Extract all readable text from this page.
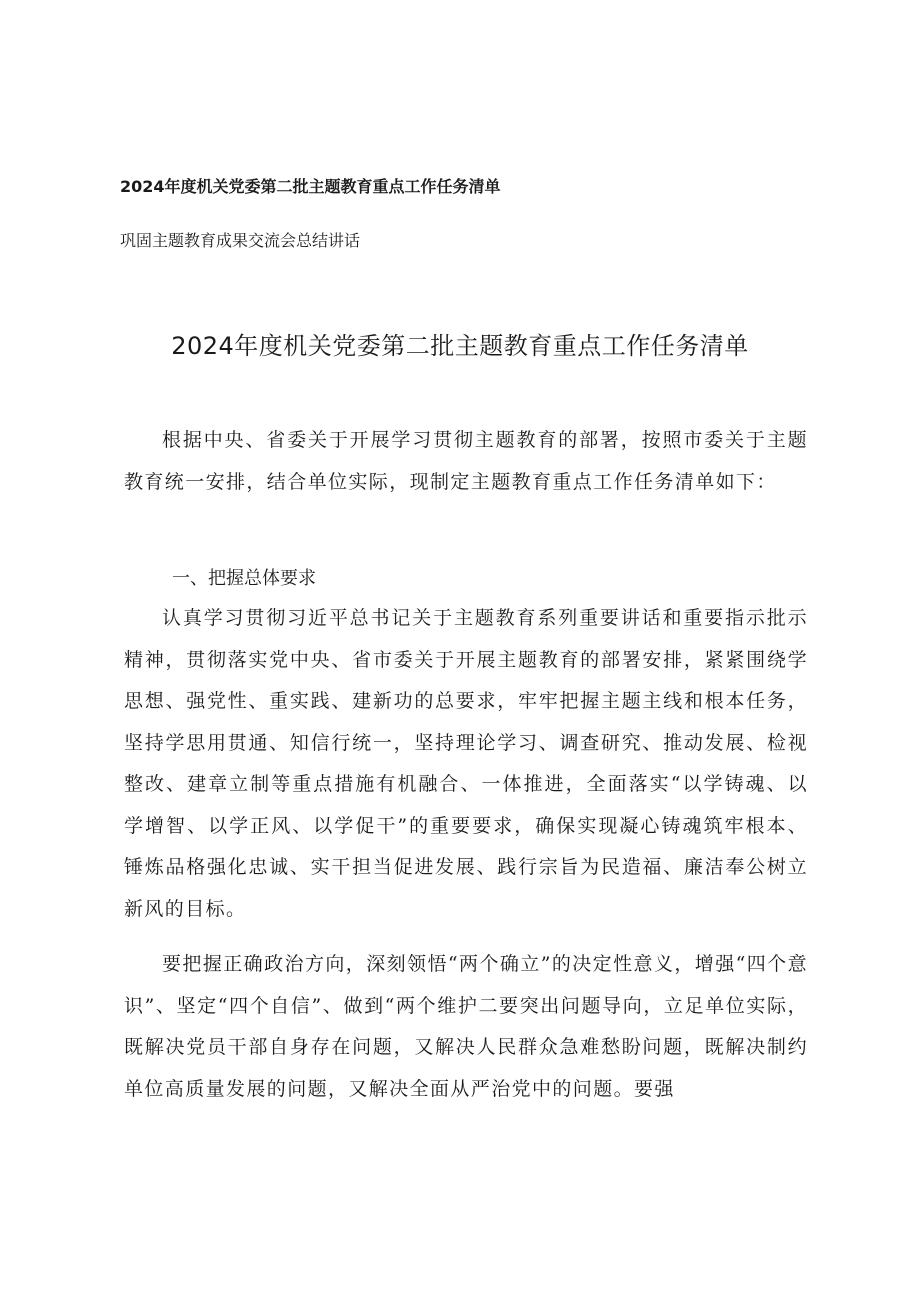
2024年度机关党委第二批主题教育重点工作任务清单
巩固主题教育成果交流会总结讲话
2024年度机关党委第二批主题教育重点工作任务清单

根据中央、省委关于开展学习贯彻主题教育的部署，按照市委关于主题教育统一安排，结合单位实际，现制定主题教育重点工作任务清单如下：

一、把握总体要求

认真学习贯彻习近平总书记关于主题教育系列重要讲话和重要指示批示精神，贯彻落实党中央、省市委关于开展主题教育的部署安排，紧紧围绕学思想、强党性、重实践、建新功的总要求，牢牢把握主题主线和根本任务，坚持学思用贯通、知信行统一，坚持理论学习、调查研究、推动发展、检视整改、建章立制等重点措施有机融合、一体推进，全面落实“以学铸魂、以学增智、以学正风、以学促干”的重要要求，确保实现凝心铸魂筑牢根本、锤炼品格强化忠诚、实干担当促进发展、践行宗旨为民造福、廉洁奉公树立新风的目标。

要把握正确政治方向，深刻领悟“两个确立”的决定性意义，增强“四个意识”、坚定“四个自信”、做到“两个维护二要突出问题导向，立足单位实际，既解决党员干部自身存在问题，又解决人民群众急难愁盼问题，既解决制约单位高质量发展的问题，又解决全面从严治党中的问题。要强
